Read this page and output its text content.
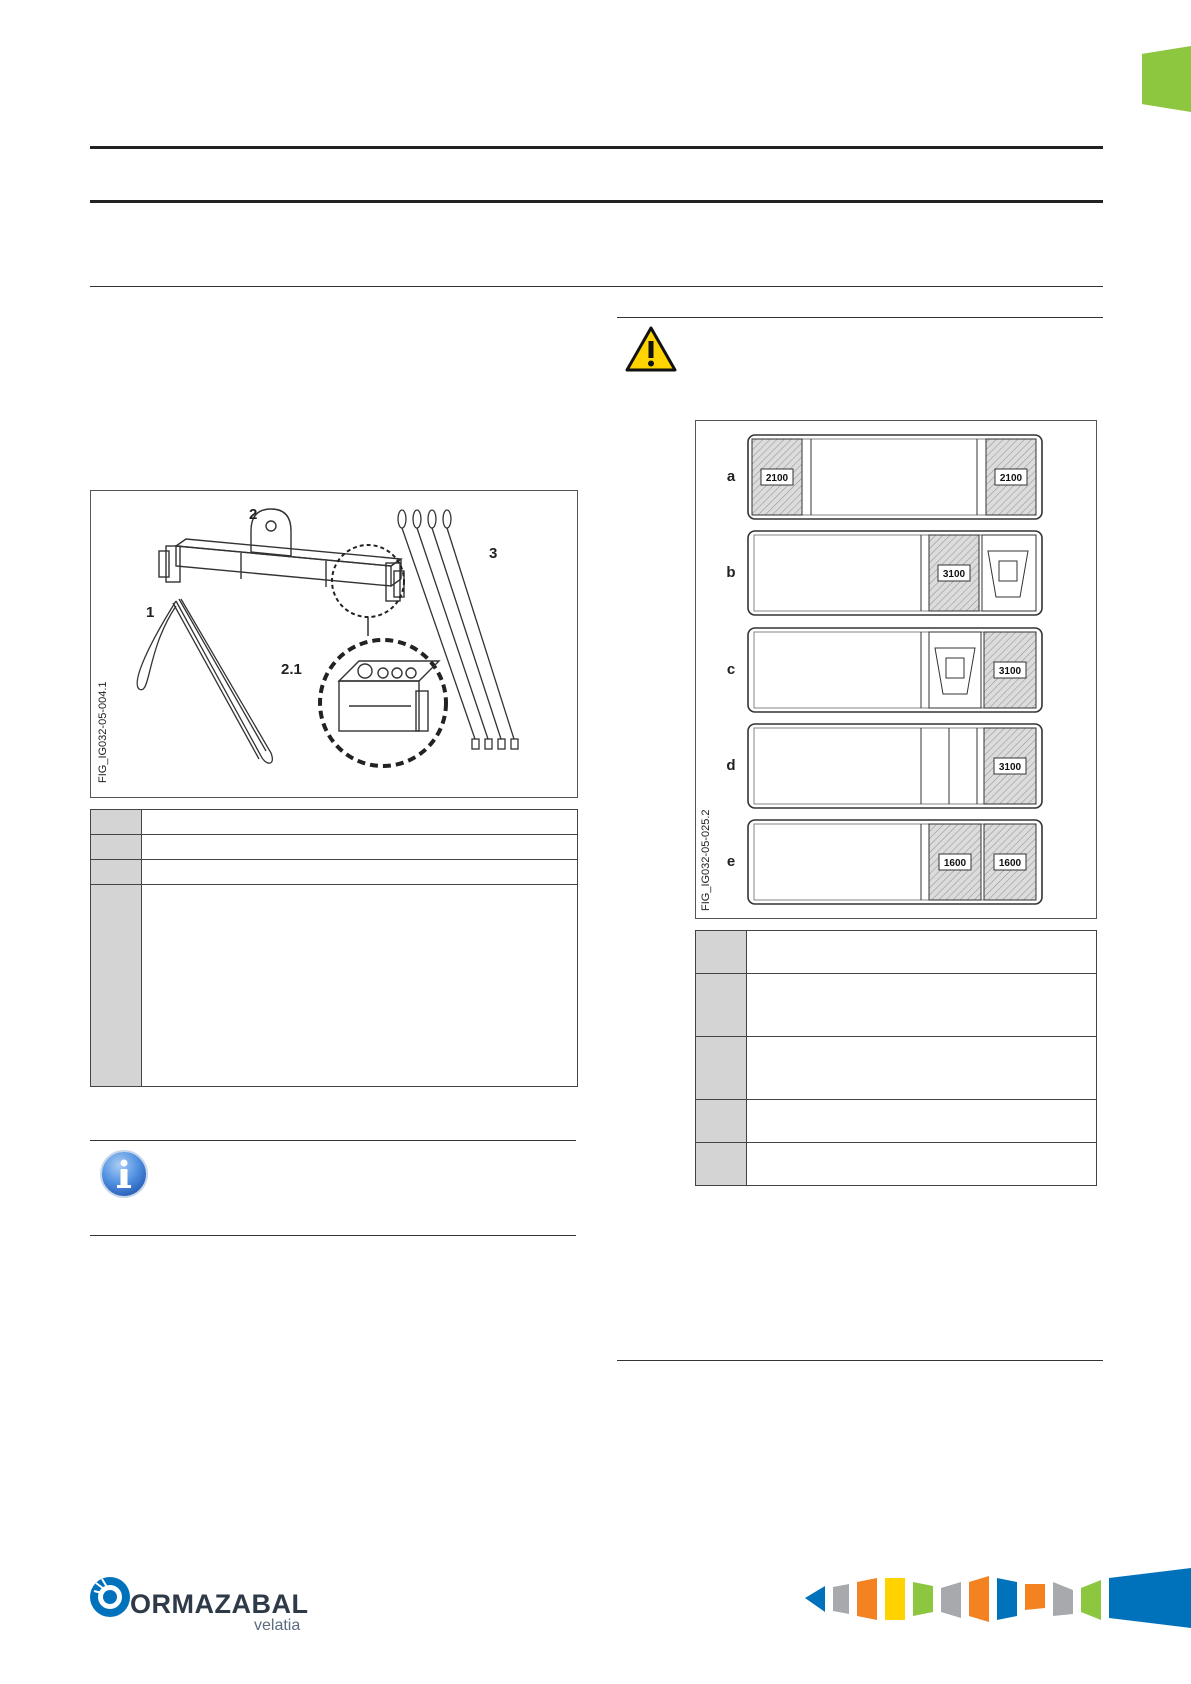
1
2
2.1
3
FIG_IG032-05-004.1

2100	2100
a
3100
b
3100
c
3100
d
1600	1600
e
FIG_IG032-05-025.2

ORMAZABAL
velatia
